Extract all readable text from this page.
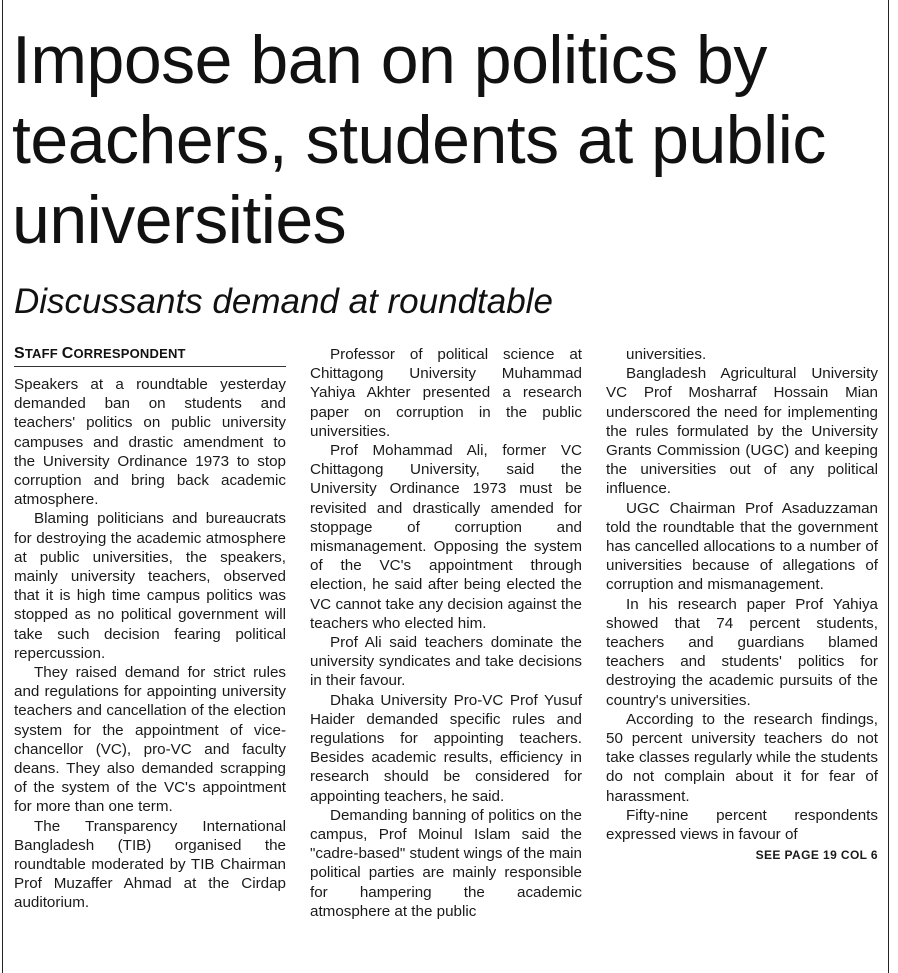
Impose ban on politics by teachers, students at public universities
Discussants demand at roundtable
STAFF CORRESPONDENT

Speakers at a roundtable yesterday demanded ban on students and teachers' politics on public university campuses and drastic amendment to the University Ordinance 1973 to stop corruption and bring back academic atmosphere.

Blaming politicians and bureaucrats for destroying the academic atmosphere at public universities, the speakers, mainly university teachers, observed that it is high time campus politics was stopped as no political government will take such decision fearing political repercussion.

They raised demand for strict rules and regulations for appointing university teachers and cancellation of the election system for the appointment of vice-chancellor (VC), pro-VC and faculty deans. They also demanded scrapping of the system of the VC's appointment for more than one term.

The Transparency International Bangladesh (TIB) organised the roundtable moderated by TIB Chairman Prof Muzaffer Ahmad at the Cirdap auditorium.

Professor of political science at Chittagong University Muhammad Yahiya Akhter presented a research paper on corruption in the public universities.

Prof Mohammad Ali, former VC Chittagong University, said the University Ordinance 1973 must be revisited and drastically amended for stoppage of corruption and mismanagement. Opposing the system of the VC's appointment through election, he said after being elected the VC cannot take any decision against the teachers who elected him.

Prof Ali said teachers dominate the university syndicates and take decisions in their favour.

Dhaka University Pro-VC Prof Yusuf Haider demanded specific rules and regulations for appointing teachers. Besides academic results, efficiency in research should be considered for appointing teachers, he said.

Demanding banning of politics on the campus, Prof Moinul Islam said the "cadre-based" student wings of the main political parties are mainly responsible for hampering the academic atmosphere at the public

universities.

Bangladesh Agricultural University VC Prof Mosharraf Hossain Mian underscored the need for implementing the rules formulated by the University Grants Commission (UGC) and keeping the universities out of any political influence.

UGC Chairman Prof Asaduzzaman told the roundtable that the government has cancelled allocations to a number of universities because of allegations of corruption and mismanagement.

In his research paper Prof Yahiya showed that 74 percent students, teachers and guardians blamed teachers and students' politics for destroying the academic pursuits of the country's universities.

According to the research findings, 50 percent university teachers do not take classes regularly while the students do not complain about it for fear of harassment.

Fifty-nine percent respondents expressed views in favour of

SEE PAGE 19 COL 6
